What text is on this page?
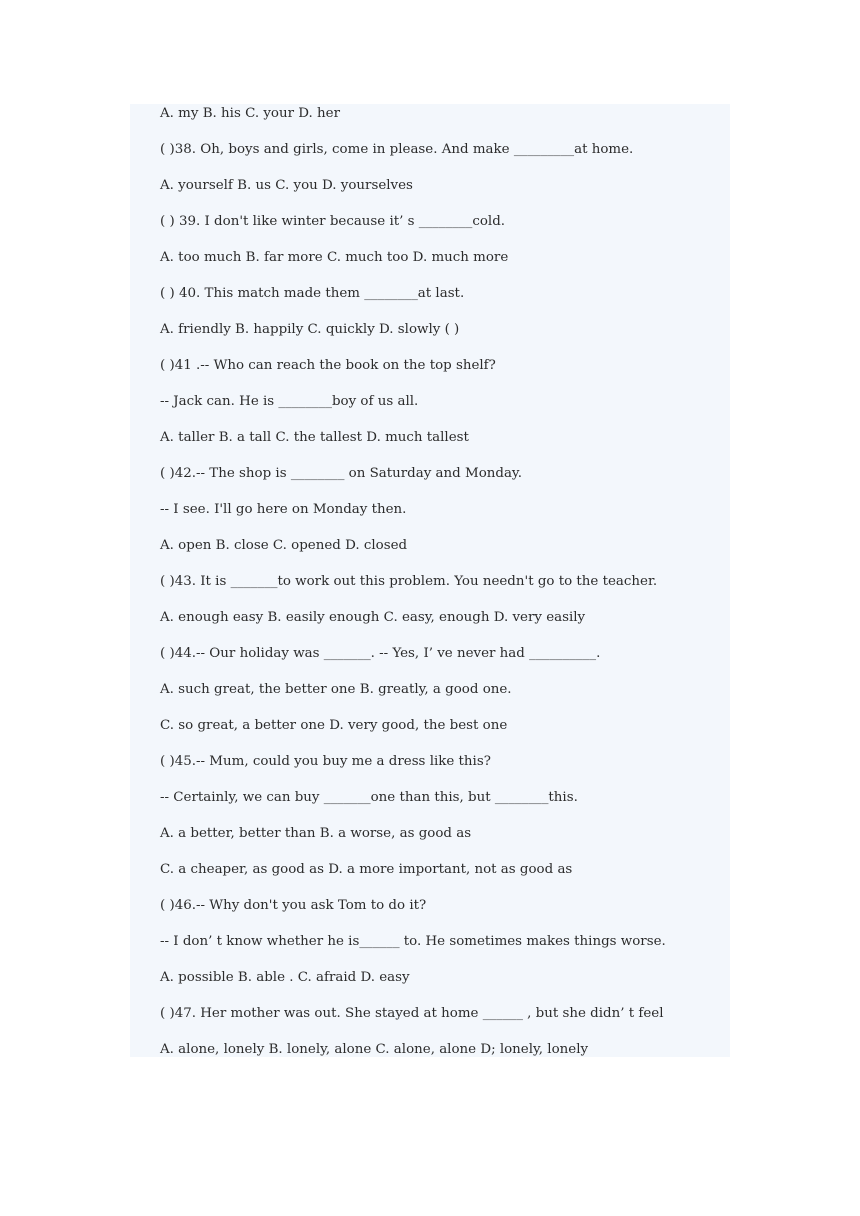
A. my B. his C. your D. her
( )38. Oh, boys and girls, come in please. And make _________at home.
A. yourself B. us C. you D. yourselves
( ) 39. I don't like winter because it’ s ________cold.
A. too much B. far more C. much too D. much more
( ) 40. This match made them ________at last.
A. friendly B. happily C. quickly D. slowly ( )
( )41 .-- Who can reach the book on the top shelf?
-- Jack can. He is ________boy of us all.
A. taller B. a tall C. the tallest D. much tallest
( )42.-- The shop is ________ on Saturday and Monday.
-- I see. I'll go here on Monday then.
A. open B. close C. opened D. closed
( )43. It is _______to work out this problem. You needn't go to the teacher.
A. enough easy B. easily enough C. easy, enough D. very easily
( )44.-- Our holiday was _______. -- Yes, I’ ve never had __________.
A. such great, the better one B. greatly, a good one.
C. so great, a better one D. very good, the best one
( )45.-- Mum, could you buy me a dress like this?
-- Certainly, we can buy _______one than this, but ________this.
A. a better, better than B. a worse, as good as
C. a cheaper, as good as D. a more important, not as good as
( )46.-- Why don't you ask Tom to do it?
-- I don’ t know whether he is______ to. He sometimes makes things worse.
A. possible B. able . C. afraid D. easy
( )47. Her mother was out. She stayed at home ______ , but she didn’ t feel
A. alone, lonely B. lonely, alone C. alone, alone D; lonely, lonely
